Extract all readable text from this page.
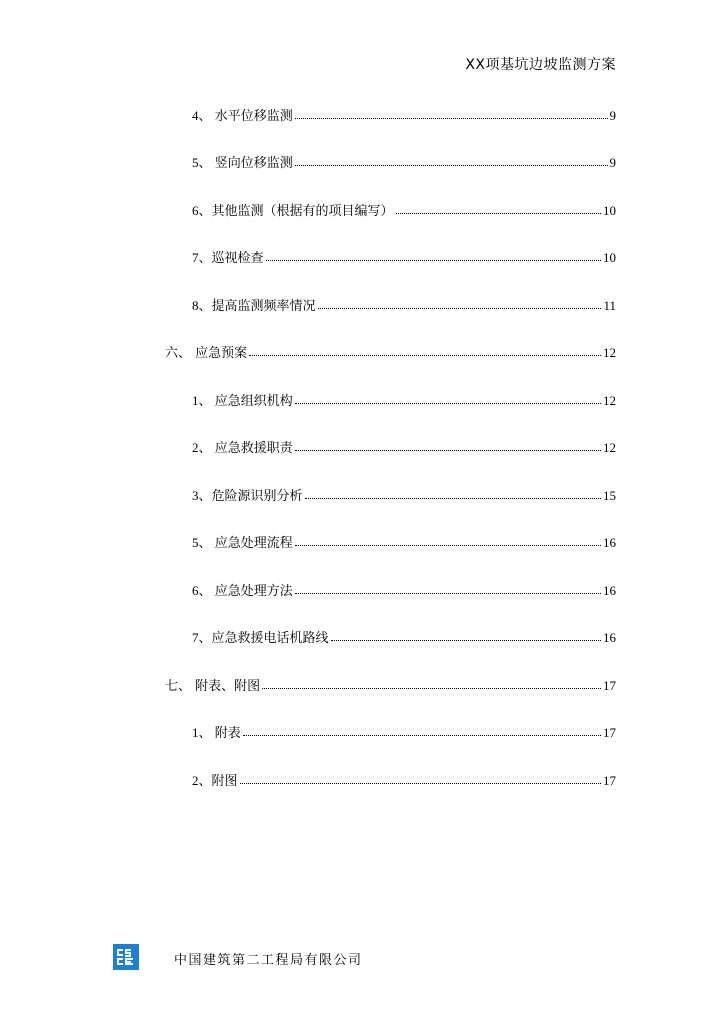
XX项基坑边坡监测方案
4、 水平位移监测	9
5、 竖向位移监测	9
6、 其他监测（根据有的项目编写）	10
7、 巡视检查	10
8、 提高监测频率情况	11
六、 应急预案	12
1、 应急组织机构	12
2、 应急救援职责	12
3、 危险源识别分析	15
5、 应急处理流程	16
6、 应急处理方法	16
7、 应急救援电话机路线	16
七、 附表、附图	17
1、 附表	17
2、 附图	17
中国建筑第二工程局有限公司
